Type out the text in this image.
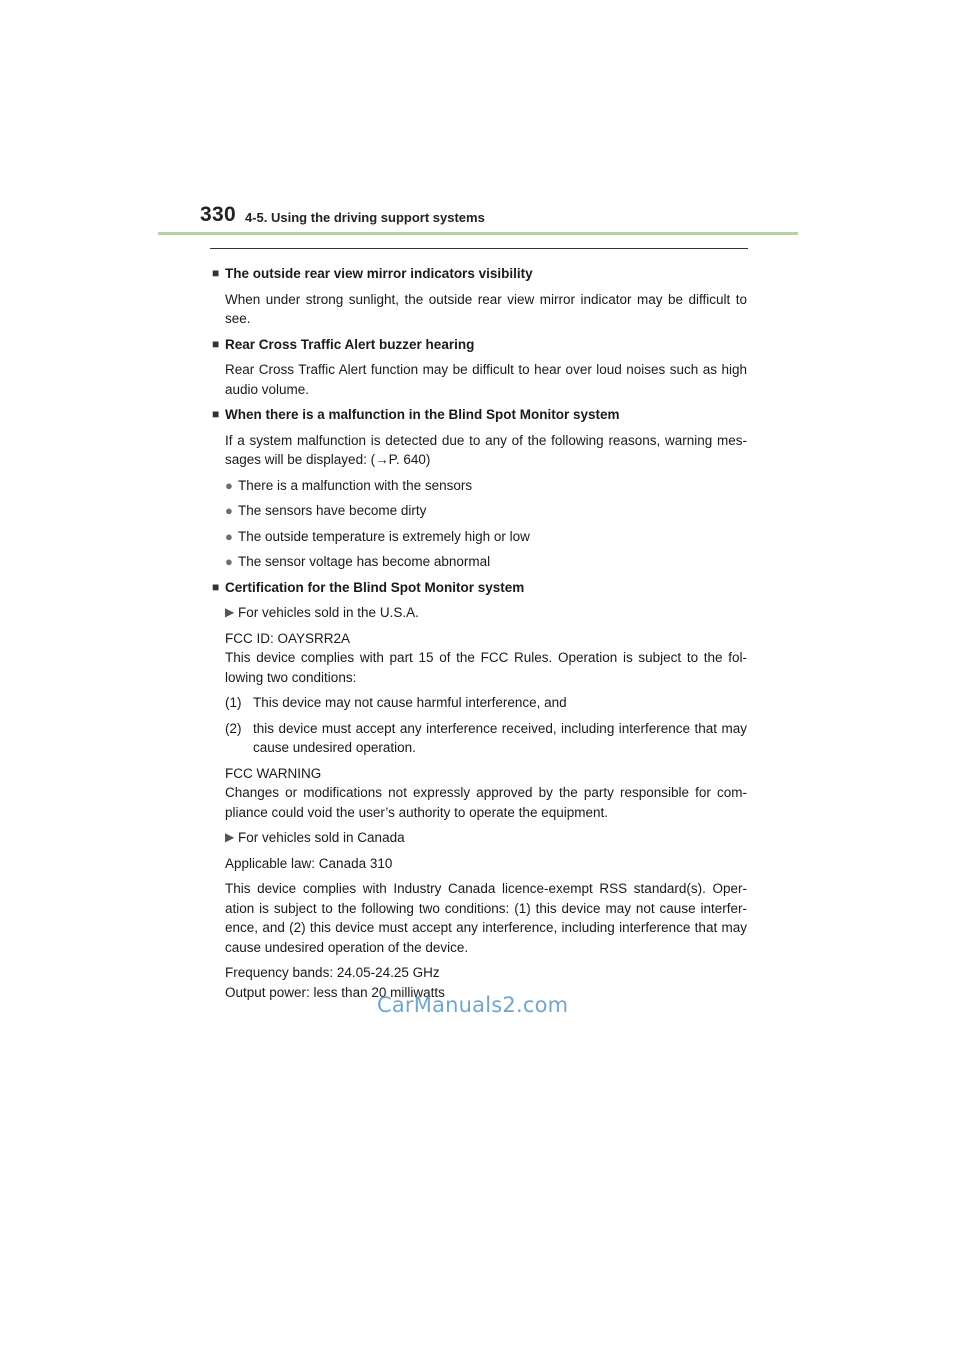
330 4-5. Using the driving support systems
■ The outside rear view mirror indicators visibility
When under strong sunlight, the outside rear view mirror indicator may be difficult to see.
■ Rear Cross Traffic Alert buzzer hearing
Rear Cross Traffic Alert function may be difficult to hear over loud noises such as high audio volume.
■ When there is a malfunction in the Blind Spot Monitor system
If a system malfunction is detected due to any of the following reasons, warning mes-sages will be displayed: (→P. 640)
● There is a malfunction with the sensors
● The sensors have become dirty
● The outside temperature is extremely high or low
● The sensor voltage has become abnormal
■ Certification for the Blind Spot Monitor system
▶ For vehicles sold in the U.S.A.
FCC ID: OAYSRR2A
This device complies with part 15 of the FCC Rules. Operation is subject to the fol-lowing two conditions:
(1) This device may not cause harmful interference, and
(2) this device must accept any interference received, including interference that may cause undesired operation.
FCC WARNING
Changes or modifications not expressly approved by the party responsible for com-pliance could void the user’s authority to operate the equipment.
▶ For vehicles sold in Canada
Applicable law: Canada 310
This device complies with Industry Canada licence-exempt RSS standard(s). Oper-ation is subject to the following two conditions: (1) this device may not cause interfer-ence, and (2) this device must accept any interference, including interference that may cause undesired operation of the device.
Frequency bands: 24.05-24.25 GHz
Output power: less than 20 milliwatts
CarManuals2.com
